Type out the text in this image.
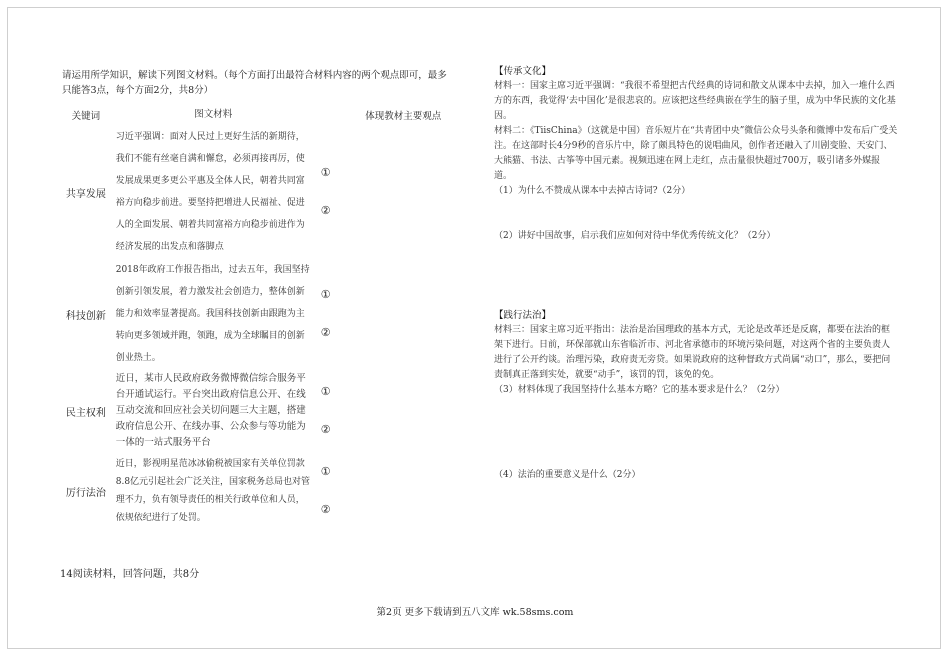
请运用所学知识，解读下列图文材料。（每个方面打出最符合材料内容的两个观点即可，最多只能答3点，每个方面2分，共8分）
关键词	图文材料		体现教材主要观点
共享发展	习近平强调：面对人民过上更好生活的新期待，我们不能有丝毫自满和懈怠，必须再接再厉，使发展成果更多更公平惠及全体人民，朝着共同富裕方向稳步前进。要坚持把增进人民福祉、促进人的全面发展、朝着共同富裕方向稳步前进作为经济发展的出发点和落脚点	①
②	

科技创新	2018年政府工作报告指出，过去五年，我国坚持创新引领发展，着力激发社会创造力，整体创新能力和效率显著提高。我国科技创新由跟跑为主转向更多领域并跑，领跑，成为全球瞩目的创新创业热土。	①
②	

民主权利	近日，某市人民政府政务微博微信综合服务平台开通试运行。平台突出政府信息公开、在线互动交流和回应社会关切问题三大主题，搭建政府信息公开、在线办事、公众参与等功能为一体的一站式服务平台	①
②	

厉行法治	近日，影视明星范冰冰偷税被国家有关单位罚款8.8亿元引起社会广泛关注，国家税务总局也对管理不力，负有领导责任的相关行政单位和人员，依规依纪进行了处罚。	①
②	

14阅读材料，回答问题，共8分

【传承文化】

材料一：国家主席习近平强调：“我很不希望把古代经典的诗词和散文从课本中去掉，加入一堆什么西方的东西，我觉得‘去中国化’是很悲哀的。应该把这些经典嵌在学生的脑子里，成为中华民族的文化基因。

材料二：《TiisChina》（这就是中国）音乐短片在“共青团中央”微信公众号头条和微博中发布后广受关注。在这部时长4分9秒的音乐片中，除了颇具特色的说唱曲风，创作者还融入了川剧变脸、天安门、大熊猫、书法、古筝等中国元素。视频迅速在网上走红，点击量很快超过700万，吸引诸多外媒报道。

（1）为什么不赞成从课本中去掉古诗词?（2分）

（2）讲好中国故事，启示我们应如何对待中华优秀传统文化？（2分）

【践行法治】

材料三：国家主席习近平指出：法治是治国理政的基本方式，无论是改革还是反腐，都要在法治的框架下进行。日前，环保部就山东省临沂市、河北省承德市的环境污染问题，对这两个省的主要负责人进行了公开约谈。治理污染，政府责无旁贷。如果说政府的这种督政方式尚属“动口”，那么，要把问责制真正落到实处，就要“动手”，该罚的罚，该免的免。

（3）材料体现了我国坚持什么基本方略？它的基本要求是什么？（2分）

（4）法治的重要意义是什么（2分）

第2页 更多下载请到五八文库 wk.58sms.com
